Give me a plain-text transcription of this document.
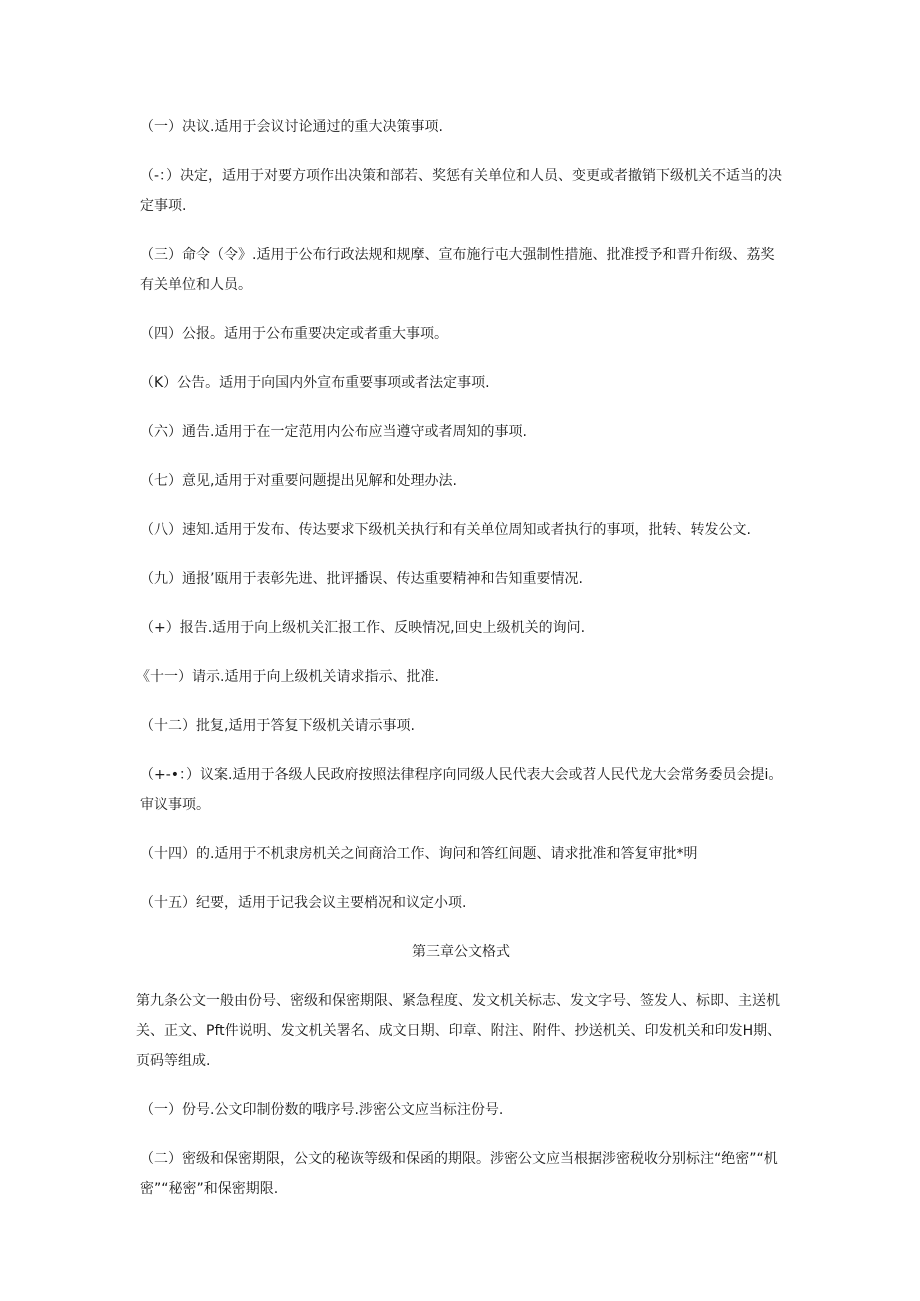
（一）决议.适用于会议讨论通过的重大决策事项.

（-：）决定，适用于对要方项作出决策和部若、奖惩有关单位和人员、变更或者撤销下级机关不适当的决定事项.

（三）命令（令》.适用于公布行政法规和规摩、宣布施行屯大强制性措施、批准授予和晋升衔级、荔奖有关单位和人员。

（四）公报。适用于公布重要决定或者重大事项。

（K）公告。适用于向国内外宣布重要事项或者法定事项.

（六）通告.适用于在一定范用内公布应当遵守或者周知的事项.

（七）意见,适用于对重要问题提出见解和处理办法.

（八）速知.适用于发布、传达要求下级机关执行和有关单位周知或者执行的事项，批转、转发公文.

（九）通报’瓯用于表彰先进、批评播误、传达重要精神和告知重要情况.

（+）报告.适用于向上级机关汇报工作、反映情况,回史上级机关的询问.

《十一）请示.适用于向上级机关请求指示、批准.

（十二）批复,适用于答复下级机关请示事项.

（+-•：）议案.适用于各级人民政府按照法律程序向同级人民代表大会或苕人民代龙大会常务委员会提i。审议事项。

（十四）的.适用于不机隶房机关之间商洽工作、询问和答红间题、请求批准和答复审批*明

（十五）纪要，适用于记我会议主要梢况和议定小项.

第三章公文格式

第九条公文一般由份号、密级和保密期限、紧急程度、发文机关标志、发文字号、签发人、标即、主送机关、正文、Pft件说明、发文机关署名、成文日期、印章、附注、附件、抄送机关、印发机关和印发H期、页码等组成.

（一）份号.公文印制份数的哦序号.涉密公文应当标注份号.

（二）密级和保密期限，公文的秘诙等级和保函的期限。涉密公文应当根据涉密税收分别标注“绝密”“机密”“秘密”和保密期限.
